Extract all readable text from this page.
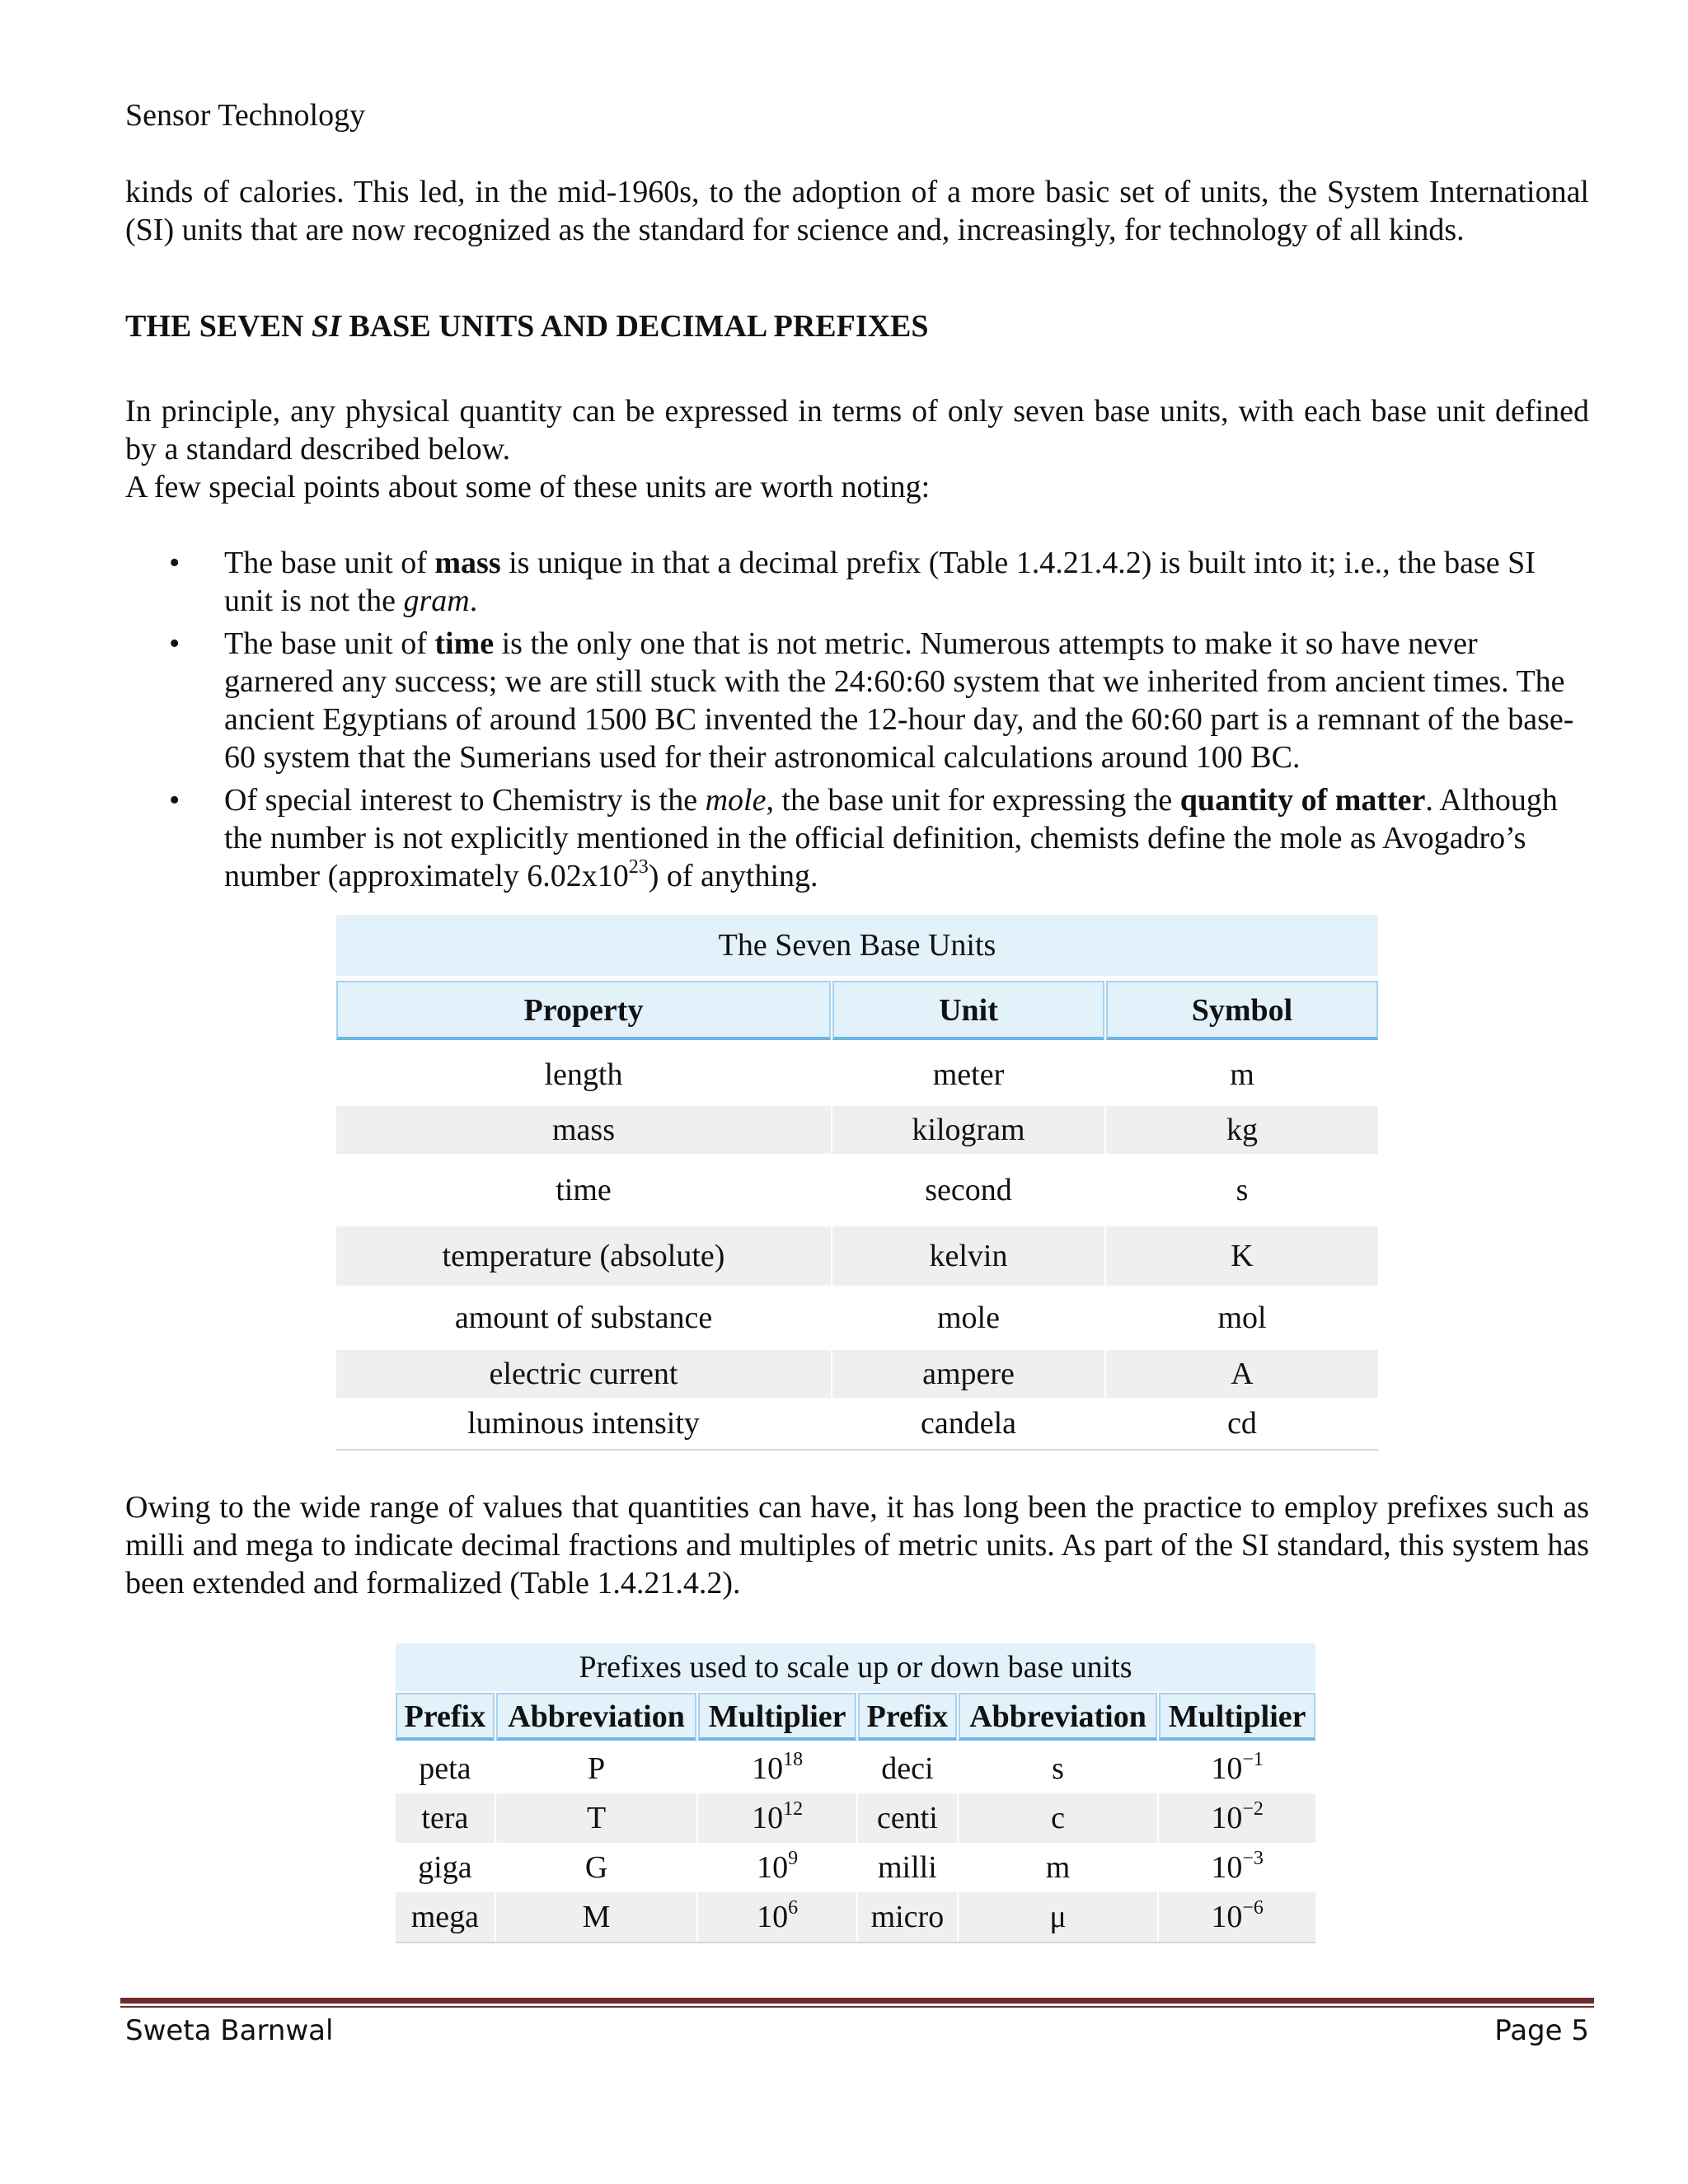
Sensor Technology
kinds of calories. This led, in the mid-1960s, to the adoption of a more basic set of units, the System International (SI) units that are now recognized as the standard for science and, increasingly, for technology of all kinds.
THE SEVEN SI BASE UNITS AND DECIMAL PREFIXES
In principle, any physical quantity can be expressed in terms of only seven base units, with each base unit defined by a standard described below.
A few special points about some of these units are worth noting:
• The base unit of mass is unique in that a decimal prefix (Table 1.4.21.4.2) is built into it; i.e., the base SI unit is not the gram.
• The base unit of time is the only one that is not metric. Numerous attempts to make it so have never garnered any success; we are still stuck with the 24:60:60 system that we inherited from ancient times. The ancient Egyptians of around 1500 BC invented the 12-hour day, and the 60:60 part is a remnant of the base-60 system that the Sumerians used for their astronomical calculations around 100 BC.
• Of special interest to Chemistry is the mole, the base unit for expressing the quantity of matter. Although the number is not explicitly mentioned in the official definition, chemists define the mole as Avogadro’s number (approximately $6.02x10^{23}$) of anything.
The Seven Base Units
Property	Unit	Symbol
length	meter	m
mass	kilogram	kg
time	second	s
temperature (absolute)	kelvin	K
amount of substance	mole	mol
electric current	ampere	A
luminous intensity	candela	cd
Owing to the wide range of values that quantities can have, it has long been the practice to employ prefixes such as milli and mega to indicate decimal fractions and multiples of metric units. As part of the SI standard, this system has been extended and formalized (Table 1.4.21.4.2).
Prefixes used to scale up or down base units
Prefix Abbreviation Multiplier Prefix Abbreviation Multiplier
peta	P	$10^{18}$	deci	s	$10^{-1}$
tera	T	$10^{12}$	centi	c	$10^{-2}$
giga	G	$10^9$	milli	m	$10^{-3}$
mega	M	$10^6$	micro	μ	$10^{-6}$
Sweta Barnwal	Page 5
